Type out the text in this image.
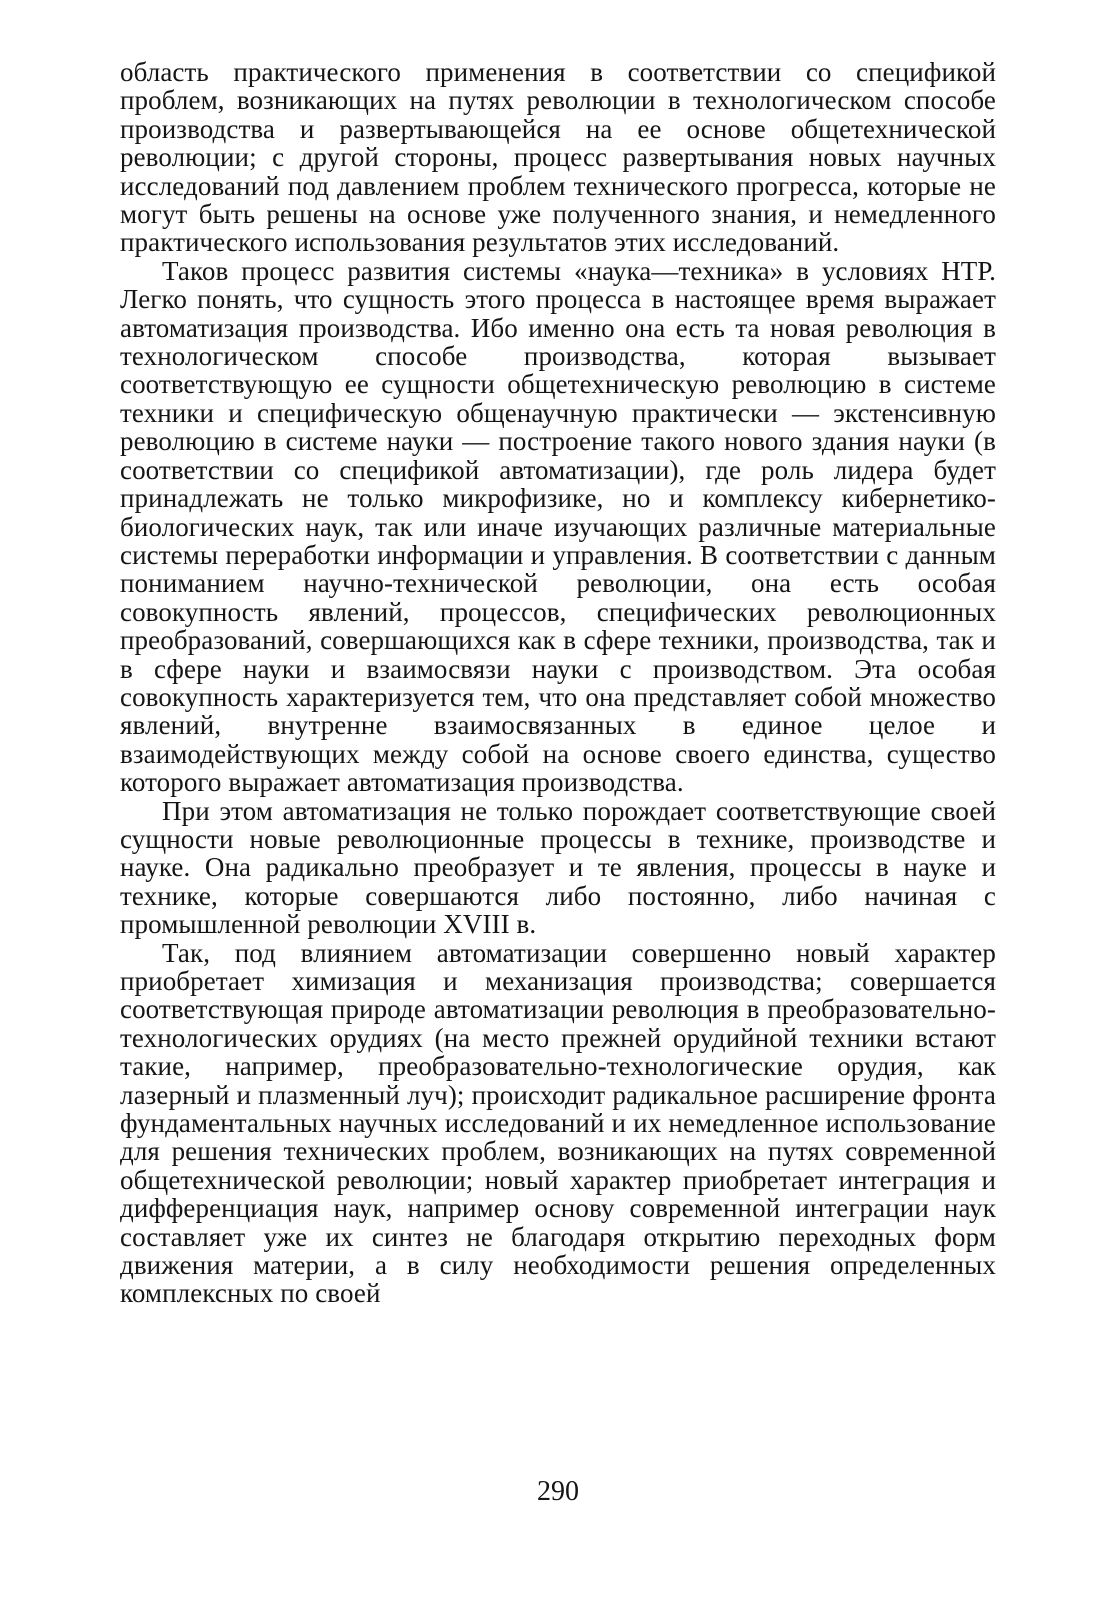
область практического применения в соответствии со спецификой проблем, возникающих на путях революции в технологическом способе производства и развертывающейся на ее основе общетехнической революции; с другой стороны, процесс развертывания новых научных исследований под давлением проблем технического прогресса, которые не могут быть решены на основе уже полученного знания, и немедленного практического использования результатов этих исследований.

Таков процесс развития системы «наука—техника» в условиях НТР. Легко понять, что сущность этого процесса в настоящее время выражает автоматизация производства. Ибо именно она есть та новая революция в технологическом способе производства, которая вызывает соответствующую ее сущности общетехническую революцию в системе техники и специфическую общенаучную практически — экстенсивную революцию в системе науки — построение такого нового здания науки (в соответствии со спецификой автоматизации), где роль лидера будет принадлежать не только микрофизике, но и комплексу кибернетико-биологических наук, так или иначе изучающих различные материальные системы переработки информации и управления. В соответствии с данным пониманием научно-технической революции, она есть особая совокупность явлений, процессов, специфических революционных преобразований, совершающихся как в сфере техники, производства, так и в сфере науки и взаимосвязи науки с производством. Эта особая совокупность характеризуется тем, что она представляет собой множество явлений, внутренне взаимосвязанных в единое целое и взаимодействующих между собой на основе своего единства, существо которого выражает автоматизация производства.

При этом автоматизация не только порождает соответствующие своей сущности новые революционные процессы в технике, производстве и науке. Она радикально преобразует и те явления, процессы в науке и технике, которые совершаются либо постоянно, либо начиная с промышленной революции XVIII в.

Так, под влиянием автоматизации совершенно новый характер приобретает химизация и механизация производства; совершается соответствующая природе автоматизации революция в преобразовательно-технологических орудиях (на место прежней орудийной техники встают такие, например, преобразовательно-технологические орудия, как лазерный и плазменный луч); происходит радикальное расширение фронта фундаментальных научных исследований и их немедленное использование для решения технических проблем, возникающих на путях современной общетехнической революции; новый характер приобретает интеграция и дифференциация наук, например основу современной интеграции наук составляет уже их синтез не благодаря открытию переходных форм движения материи, а в силу необходимости решения определенных комплексных по своей

290
